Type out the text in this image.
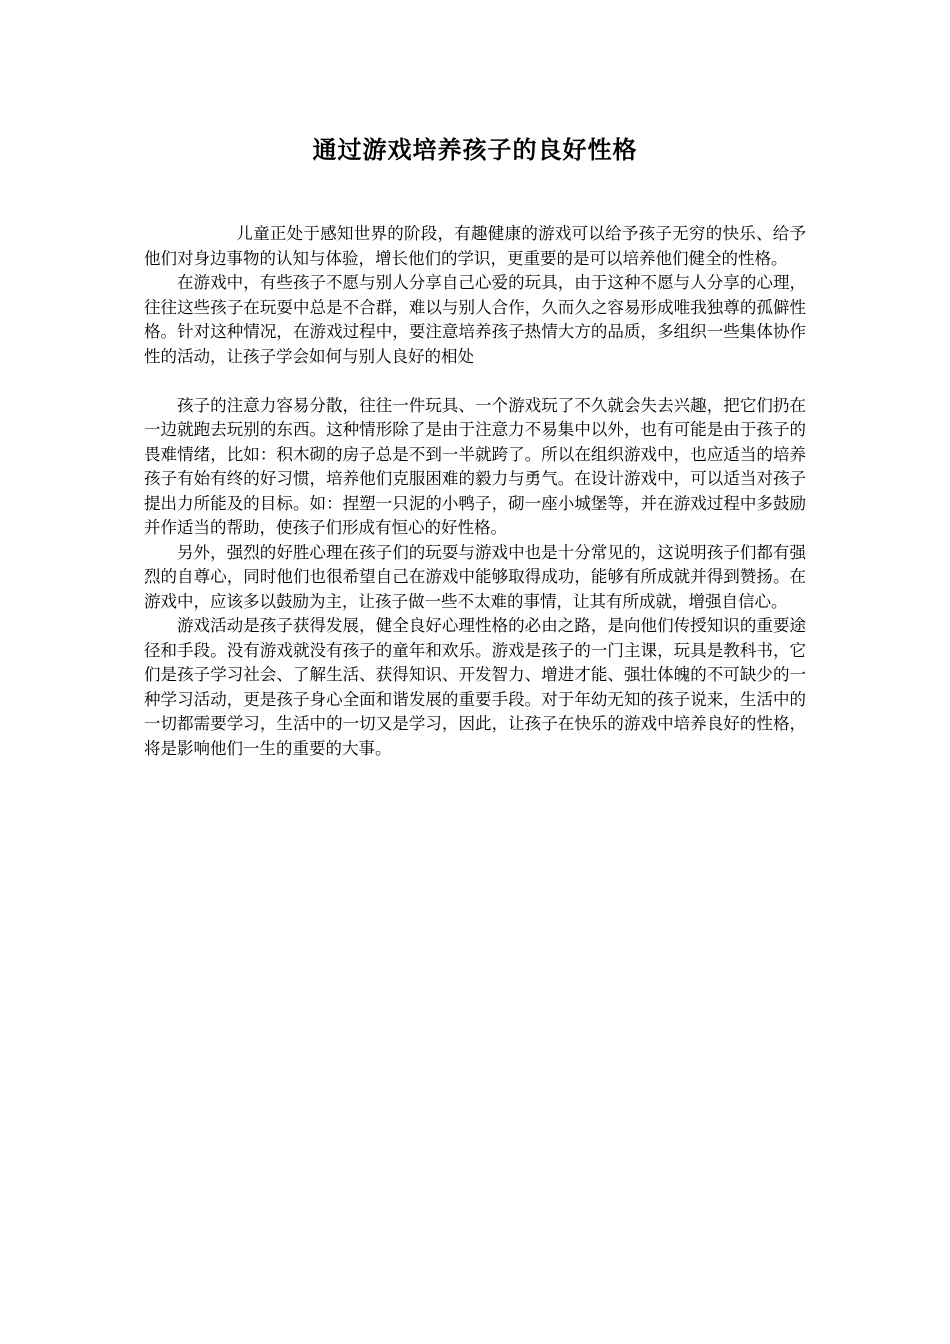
通过游戏培养孩子的良好性格

儿童正处于感知世界的阶段，有趣健康的游戏可以给予孩子无穷的快乐、给予他们对身边事物的认知与体验，增长他们的学识，更重要的是可以培养他们健全的性格。

在游戏中，有些孩子不愿与别人分享自己心爱的玩具，由于这种不愿与人分享的心理，往往这些孩子在玩耍中总是不合群，难以与别人合作，久而久之容易形成唯我独尊的孤僻性格。针对这种情况，在游戏过程中，要注意培养孩子热情大方的品质，多组织一些集体协作性的活动，让孩子学会如何与别人良好的相处

孩子的注意力容易分散，往往一件玩具、一个游戏玩了不久就会失去兴趣，把它们扔在一边就跑去玩别的东西。这种情形除了是由于注意力不易集中以外，也有可能是由于孩子的畏难情绪，比如：积木砌的房子总是不到一半就跨了。所以在组织游戏中，也应适当的培养孩子有始有终的好习惯，培养他们克服困难的毅力与勇气。在设计游戏中，可以适当对孩子提出力所能及的目标。如：捏塑一只泥的小鸭子，砌一座小城堡等，并在游戏过程中多鼓励并作适当的帮助，使孩子们形成有恒心的好性格。

另外，强烈的好胜心理在孩子们的玩耍与游戏中也是十分常见的，这说明孩子们都有强烈的自尊心，同时他们也很希望自己在游戏中能够取得成功，能够有所成就并得到赞扬。在游戏中，应该多以鼓励为主，让孩子做一些不太难的事情，让其有所成就，增强自信心。

游戏活动是孩子获得发展，健全良好心理性格的必由之路，是向他们传授知识的重要途径和手段。没有游戏就没有孩子的童年和欢乐。游戏是孩子的一门主课，玩具是教科书，它们是孩子学习社会、了解生活、获得知识、开发智力、增进才能、强壮体魄的不可缺少的一种学习活动，更是孩子身心全面和谐发展的重要手段。对于年幼无知的孩子说来，生活中的一切都需要学习，生活中的一切又是学习，因此，让孩子在快乐的游戏中培养良好的性格，将是影响他们一生的重要的大事。
